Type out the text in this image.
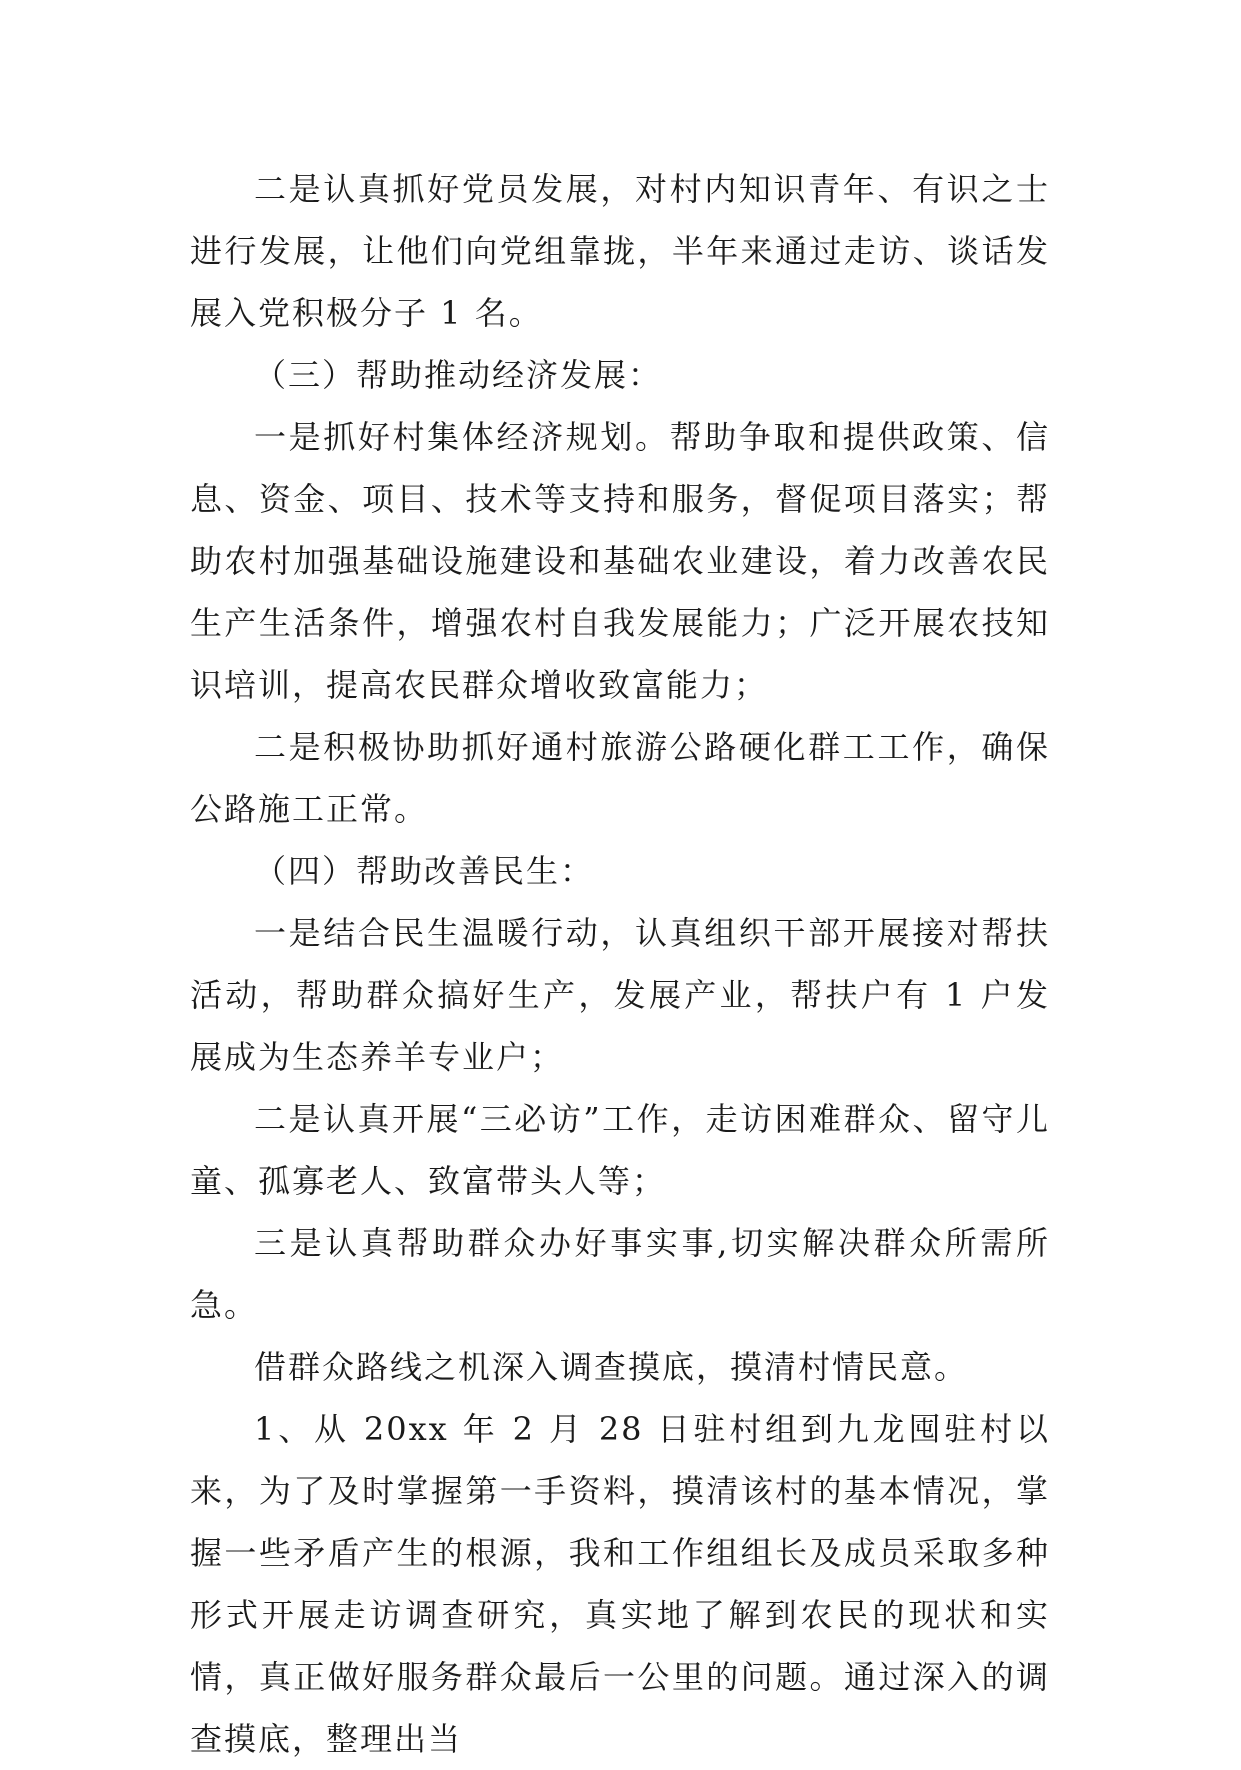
二是认真抓好党员发展，对村内知识青年、有识之士进行发展，让他们向党组靠拢，半年来通过走访、谈话发展入党积极分子 1 名。

（三）帮助推动经济发展：

一是抓好村集体经济规划。帮助争取和提供政策、信息、资金、项目、技术等支持和服务，督促项目落实；帮助农村加强基础设施建设和基础农业建设，着力改善农民生产生活条件，增强农村自我发展能力；广泛开展农技知识培训，提高农民群众增收致富能力；

二是积极协助抓好通村旅游公路硬化群工工作，确保公路施工正常。

（四）帮助改善民生：

一是结合民生温暖行动，认真组织干部开展接对帮扶活动，帮助群众搞好生产，发展产业，帮扶户有 1 户发展成为生态养羊专业户；

二是认真开展“三必访”工作，走访困难群众、留守儿童、孤寡老人、致富带头人等；

三是认真帮助群众办好事实事,切实解决群众所需所急。

借群众路线之机深入调查摸底，摸清村情民意。

1、从 20xx 年 2 月 28 日驻村组到九龙囤驻村以来，为了及时掌握第一手资料，摸清该村的基本情况，掌握一些矛盾产生的根源，我和工作组组长及成员采取多种形式开展走访调查研究，真实地了解到农民的现状和实情，真正做好服务群众最后一公里的问题。通过深入的调查摸底，整理出当
